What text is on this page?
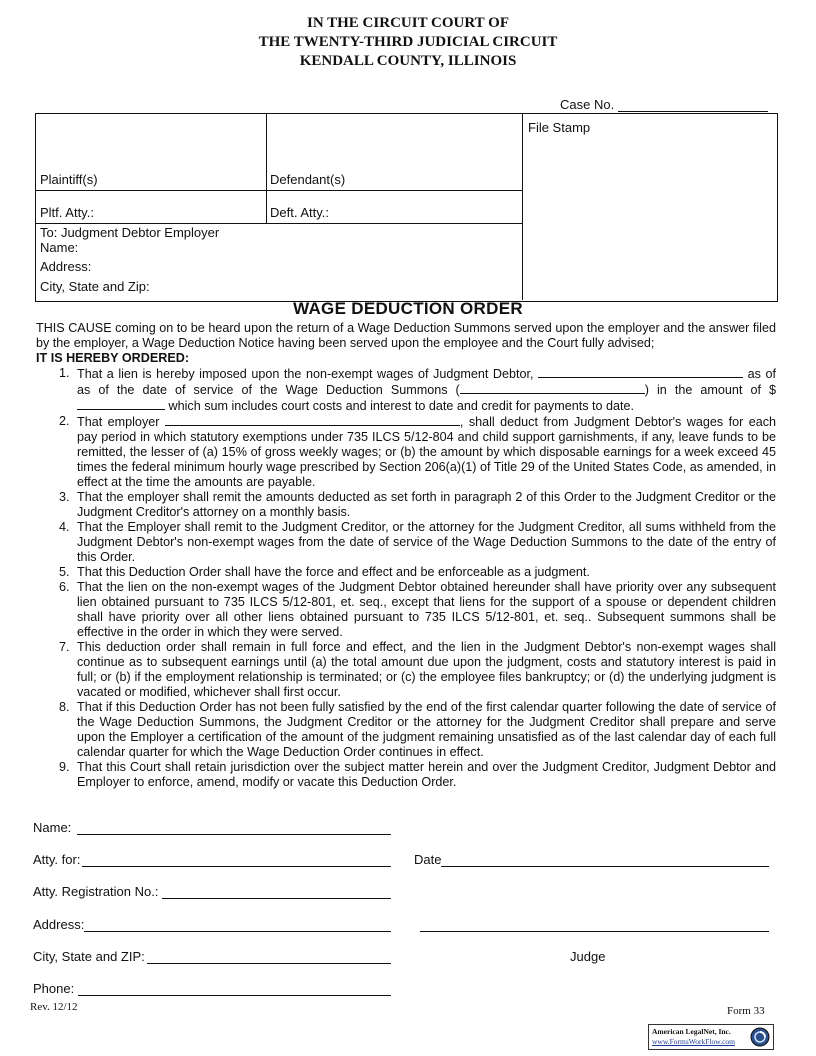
IN THE CIRCUIT COURT OF
THE TWENTY-THIRD JUDICIAL CIRCUIT
KENDALL COUNTY, ILLINOIS
Case No.
Plaintiff(s)	Defendant(s)
Pltf. Atty.:	Deft. Atty.:
To: Judgment Debtor Employer
Name:
Address:
City, State and Zip:
File Stamp
WAGE DEDUCTION ORDER
THIS CAUSE coming on to be heard upon the return of a Wage Deduction Summons served upon the employer and the answer filed by the employer, a Wage Deduction Notice having been served upon the employee and the Court fully advised;
IT IS HEREBY ORDERED:
1. That a lien is hereby imposed upon the non-exempt wages of Judgment Debtor,	as of as of the date of service of the Wage Deduction Summons (	) in the amount of $ which sum includes court costs and interest to date and credit for payments to date.
2. That employer	, shall deduct from Judgment Debtor's wages for each pay period in which statutory exemptions under 735 ILCS 5/12-804 and child support garnishments, if any, leave funds to be remitted, the lesser of (a) 15% of gross weekly wages; or (b) the amount by which disposable earnings for a week exceed 45 times the federal minimum hourly wage prescribed by Section 206(a)(1) of Title 29 of the United States Code, as amended, in effect at the time the amounts are payable.
3. That the employer shall remit the amounts deducted as set forth in paragraph 2 of this Order to the Judgment Creditor or the Judgment Creditor's attorney on a monthly basis.
4. That the Employer shall remit to the Judgment Creditor, or the attorney for the Judgment Creditor, all sums withheld from the Judgment Debtor's non-exempt wages from the date of service of the Wage Deduction Summons to the date of the entry of this Order.
5. That this Deduction Order shall have the force and effect and be enforceable as a judgment.
6. That the lien on the non-exempt wages of the Judgment Debtor obtained hereunder shall have priority over any subsequent lien obtained pursuant to 735 ILCS 5/12-801, et. seq., except that liens for the support of a spouse or dependent children shall have priority over all other liens obtained pursuant to 735 ILCS 5/12-801, et. seq.. Subsequent summons shall be effective in the order in which they were served.
7. This deduction order shall remain in full force and effect, and the lien in the Judgment Debtor's non-exempt wages shall continue as to subsequent earnings until (a) the total amount due upon the judgment, costs and statutory interest is paid in full; or (b) if the employment relationship is terminated; or (c) the employee files bankruptcy; or (d) the underlying judgment is vacated or modified, whichever shall first occur.
8. That if this Deduction Order has not been fully satisfied by the end of the first calendar quarter following the date of service of the Wage Deduction Summons, the Judgment Creditor or the attorney for the Judgment Creditor shall prepare and serve upon the Employer a certification of the amount of the judgment remaining unsatisfied as of the last calendar day of each full calendar quarter for which the Wage Deduction Order continues in effect.
9. That this Court shall retain jurisdiction over the subject matter herein and over the Judgment Creditor, Judgment Debtor and Employer to enforce, amend, modify or vacate this Deduction Order.
Name:
Atty. for:	Date
Atty. Registration No.:
Address:
City, State and ZIP:	Judge
Phone:
Rev. 12/12	Form 33
American LegalNet, Inc.
www.FormsWorkFlow.com
